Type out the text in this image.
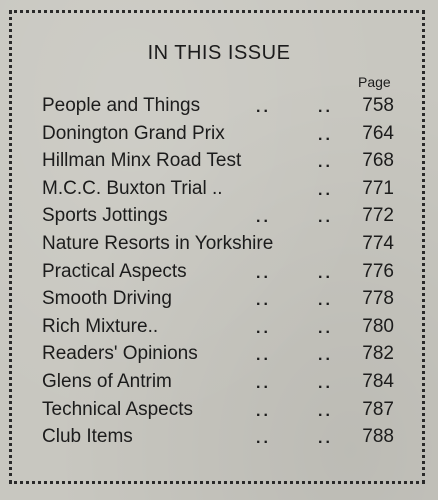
IN THIS ISSUE
Page
People and Things	..	.. 758
Donington Grand Prix	.. 764
Hillman Minx Road Test	.. 768
M.C.C. Buxton Trial ..	.. 771
Sports Jottings	..	.. 772
Nature Resorts in Yorkshire	774
Practical Aspects	..	.. 776
Smooth Driving	..	.. 778
Rich Mixture..	..	.. 780
Readers' Opinions	..	.. 782
Glens of Antrim	..	.. 784
Technical Aspects	..	.. 787
Club Items	..	.. 788
